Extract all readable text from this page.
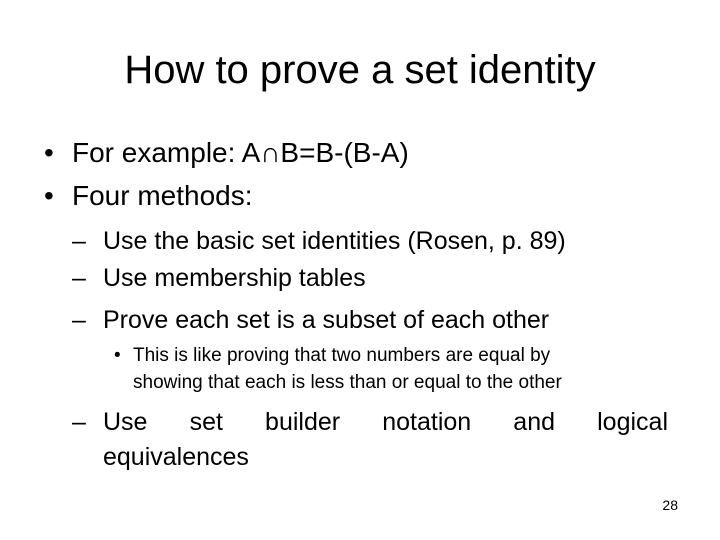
How to prove a set identity
• For example: A∩B=B-(B-A)
• Four methods:
– Use the basic set identities (Rosen, p. 89)
– Use membership tables
– Prove each set is a subset of each other
• This is like proving that two numbers are equal by
showing that each is less than or equal to the other
– Use set builder notation and logical
equivalences
28
